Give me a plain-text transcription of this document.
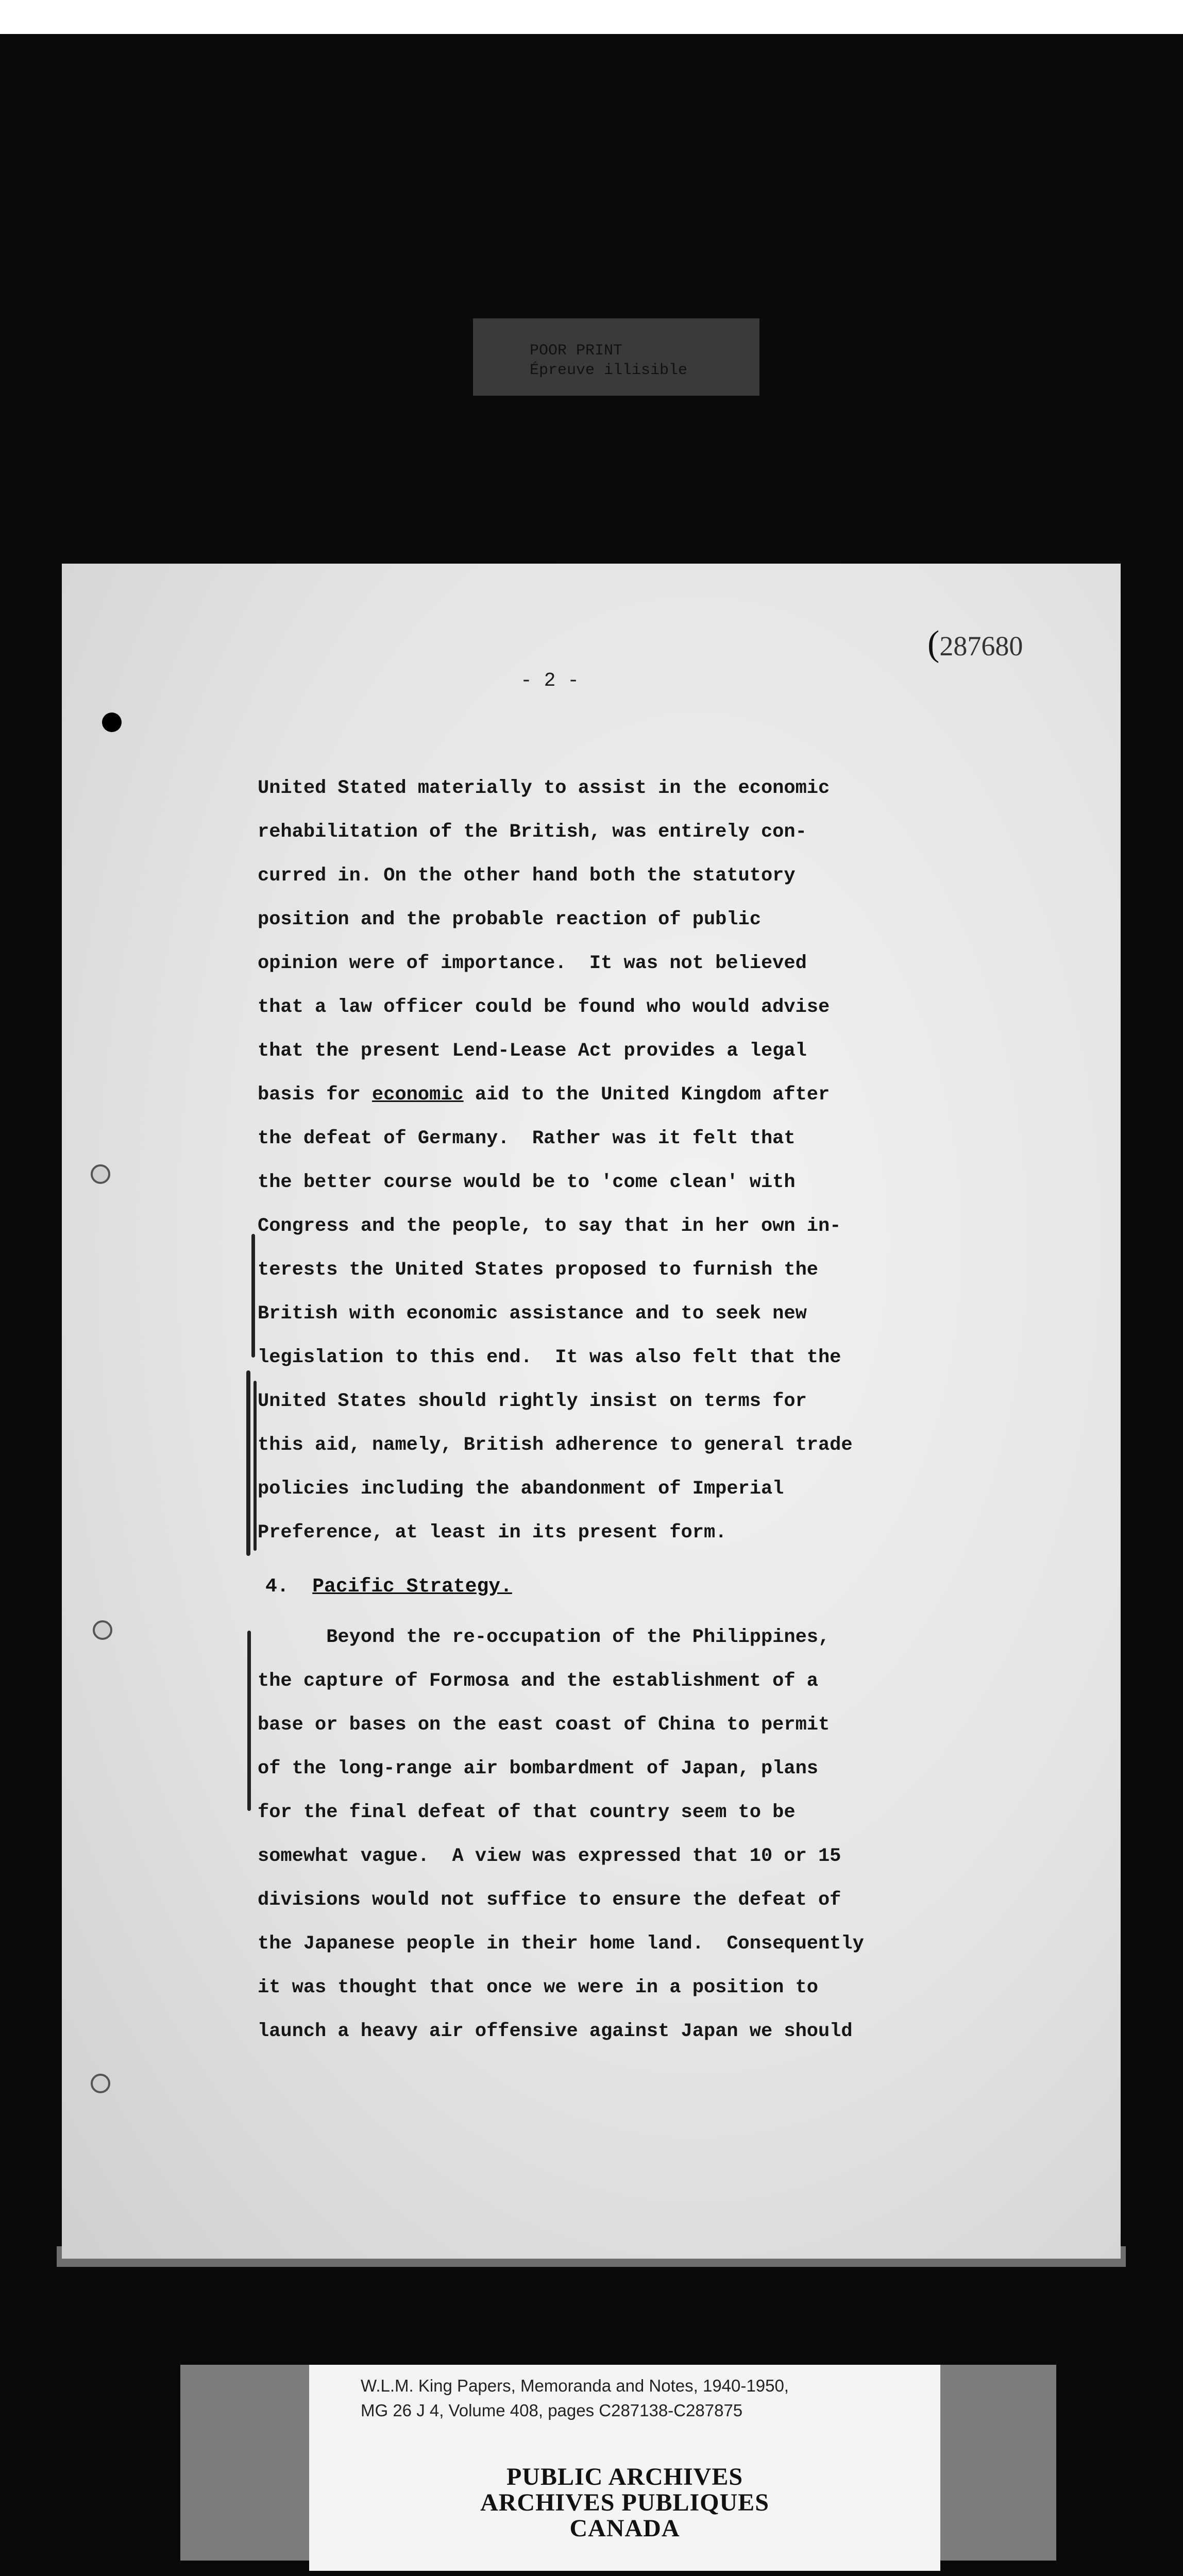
POOR PRINT
Épreuve illisible
(287680
- 2 -
United Stated materially to assist in the economic
rehabilitation of the British, was entirely con-
curred in. On the other hand both the statutory
position and the probable reaction of public
opinion were of importance.  It was not believed
that a law officer could be found who would advise
that the present Lend-Lease Act provides a legal
basis for economic aid to the United Kingdom after
the defeat of Germany.  Rather was it felt that
the better course would be to 'come clean' with
Congress and the people, to say that in her own in-
terests the United States proposed to furnish the
British with economic assistance and to seek new
legislation to this end.  It was also felt that the
United States should rightly insist on terms for
this aid, namely, British adherence to general trade
policies including the abandonment of Imperial
Preference, at least in its present form.
4. Pacific Strategy.
Beyond the re-occupation of the Philippines,
the capture of Formosa and the establishment of a
base or bases on the east coast of China to permit
of the long-range air bombardment of Japan, plans
for the final defeat of that country seem to be
somewhat vague.  A view was expressed that 10 or 15
divisions would not suffice to ensure the defeat of
the Japanese people in their home land.  Consequently
it was thought that once we were in a position to
launch a heavy air offensive against Japan we should
W.L.M. King Papers, Memoranda and Notes, 1940-1950,
MG 26 J 4, Volume 408, pages C287138-C287875
PUBLIC ARCHIVES
ARCHIVES PUBLIQUES
CANADA
